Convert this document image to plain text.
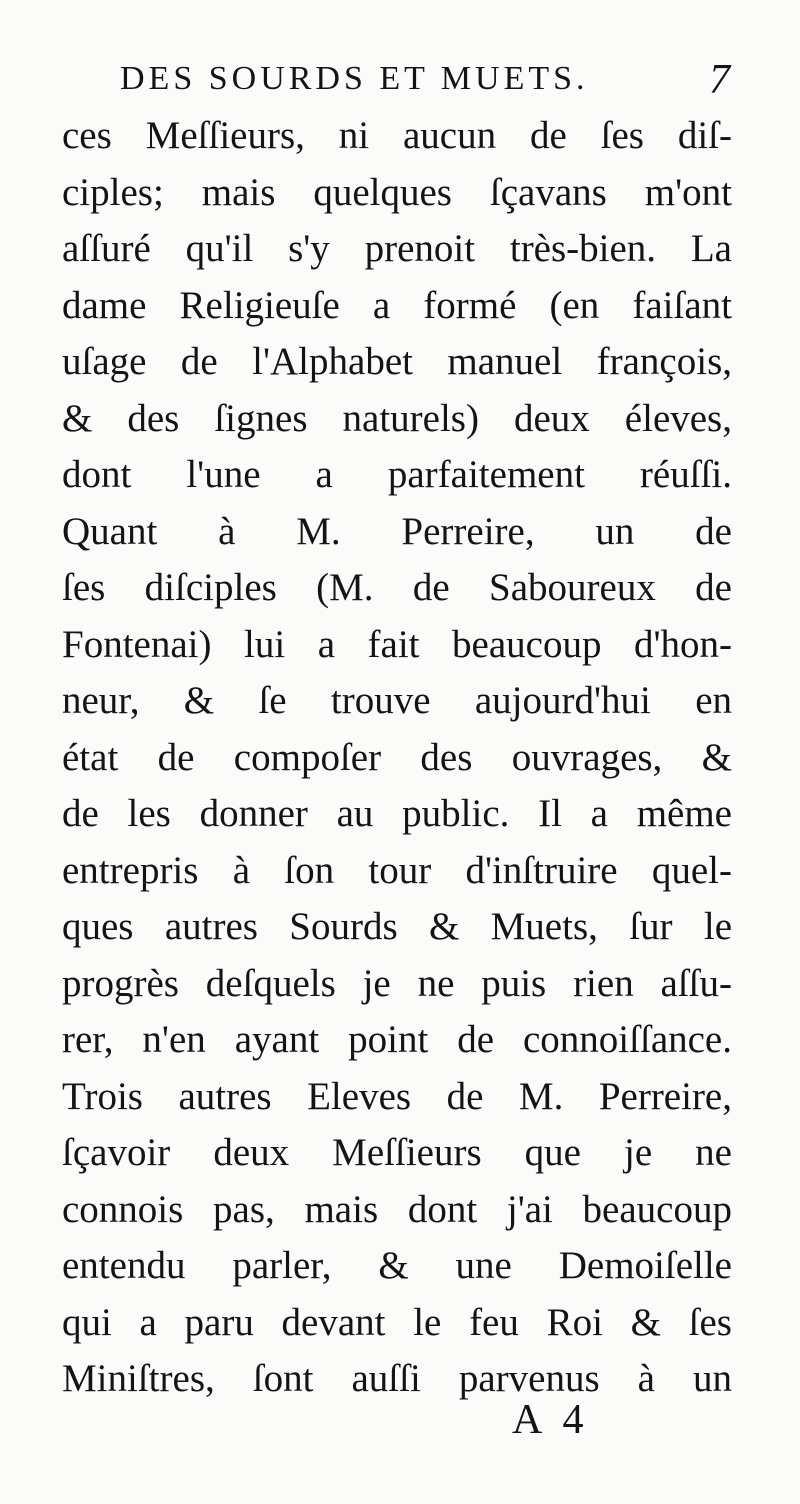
DES SOURDS ET MUETS.	7
ces Meſſieurs, ni aucun de ſes diſ-
ciples; mais quelques ſçavans m'ont
aſſuré qu'il s'y prenoit très-bien. La
dame Religieuſe a formé (en faiſant
uſage de l'Alphabet manuel françois,
& des ſignes naturels) deux éleves,
dont l'une a parfaitement réuſſi.
Quant à M. Perreire, un de
ſes diſciples (M. de Saboureux de
Fontenai) lui a fait beaucoup d'hon-
neur, & ſe trouve aujourd'hui en
état de compoſer des ouvrages, &
de les donner au public. Il a même
entrepris à ſon tour d'inſtruire quel-
ques autres Sourds & Muets, ſur le
progrès deſquels je ne puis rien aſſu-
rer, n'en ayant point de connoiſſance.
Trois autres Eleves de M. Perreire,
ſçavoir deux Meſſieurs que je ne
connois pas, mais dont j'ai beaucoup
entendu parler, & une Demoiſelle
qui a paru devant le feu Roi & ſes
Miniſtres, ſont auſſi parvenus à un
A 4
